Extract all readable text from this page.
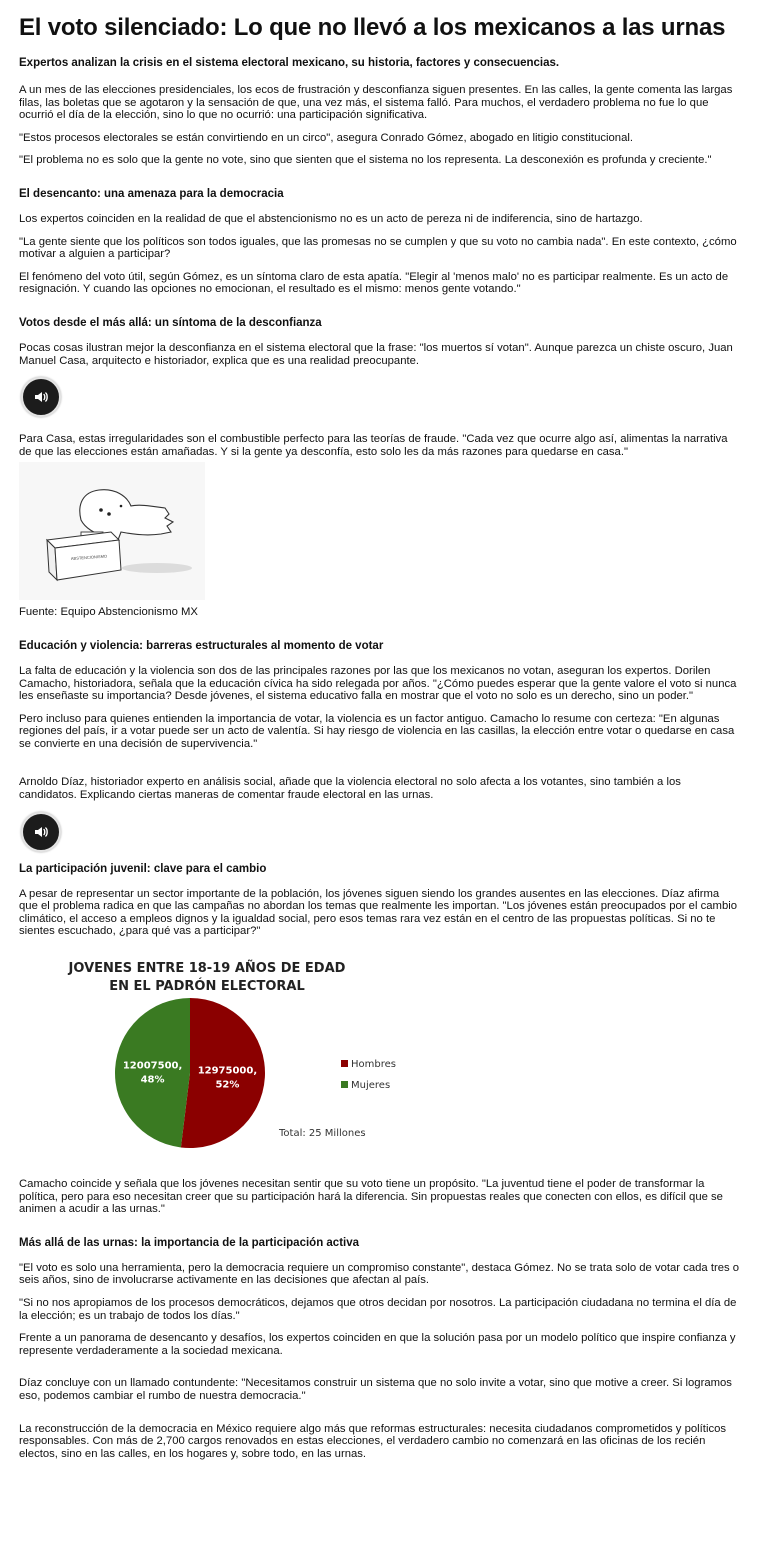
El voto silenciado: Lo que no llevó a los mexicanos a las urnas
Expertos analizan la crisis en el sistema electoral mexicano, su historia, factores y consecuencias.

A un mes de las elecciones presidenciales, los ecos de frustración y desconfianza siguen presentes. En las calles, la gente comenta las largas filas, las boletas que se agotaron y la sensación de que, una vez más, el sistema falló. Para muchos, el verdadero problema no fue lo que ocurrió el día de la elección, sino lo que no ocurrió: una participación significativa.

"Estos procesos electorales se están convirtiendo en un circo", asegura Conrado Gómez, abogado en litigio constitucional.

"El problema no es solo que la gente no vote, sino que sienten que el sistema no los representa. La desconexión es profunda y creciente."

El desencanto: una amenaza para la democracia

Los expertos coinciden en la realidad de que el abstencionismo no es un acto de pereza ni de indiferencia, sino de hartazgo.

"La gente siente que los políticos son todos iguales, que las promesas no se cumplen y que su voto no cambia nada". En este contexto, ¿cómo motivar a alguien a participar?

El fenómeno del voto útil, según Gómez, es un síntoma claro de esta apatía. "Elegir al 'menos malo' no es participar realmente. Es un acto de resignación. Y cuando las opciones no emocionan, el resultado es el mismo: menos gente votando."

Votos desde el más allá: un síntoma de la desconfianza

Pocas cosas ilustran mejor la desconfianza en el sistema electoral que la frase: "los muertos sí votan". Aunque parezca un chiste oscuro, Juan Manuel Casa, arquitecto e historiador, explica que es una realidad preocupante.

Para Casa, estas irregularidades son el combustible perfecto para las teorías de fraude. "Cada vez que ocurre algo así, alimentas la narrativa de que las elecciones están amañadas. Y si la gente ya desconfía, esto solo les da más razones para quedarse en casa."

ABSTENCIONISMO

Fuente: Equipo Abstencionismo MX

Educación y violencia: barreras estructurales al momento de votar

La falta de educación y la violencia son dos de las principales razones por las que los mexicanos no votan, aseguran los expertos. Dorilen Camacho, historiadora, señala que la educación cívica ha sido relegada por años. "¿Cómo puedes esperar que la gente valore el voto si nunca les enseñaste su importancia? Desde jóvenes, el sistema educativo falla en mostrar que el voto no solo es un derecho, sino un poder."

Pero incluso para quienes entienden la importancia de votar, la violencia es un factor antiguo. Camacho lo resume con certeza: "En algunas regiones del país, ir a votar puede ser un acto de valentía. Si hay riesgo de violencia en las casillas, la elección entre votar o quedarse en casa se convierte en una decisión de supervivencia."

Arnoldo Díaz, historiador experto en análisis social, añade que la violencia electoral no solo afecta a los votantes, sino también a los candidatos. Explicando ciertas maneras de comentar fraude electoral en las urnas.

La participación juvenil: clave para el cambio

A pesar de representar un sector importante de la población, los jóvenes siguen siendo los grandes ausentes en las elecciones. Díaz afirma que el problema radica en que las campañas no abordan los temas que realmente les importan. "Los jóvenes están preocupados por el cambio climático, el acceso a empleos dignos y la igualdad social, pero esos temas rara vez están en el centro de las propuestas políticas. Si no te sientes escuchado, ¿para qué vas a participar?"

JOVENES ENTRE 18-19 AÑOS DE EDAD
EN EL PADRÓN ELECTORAL
12975000,
52%
12007500,
48%
Hombres
Mujeres
Total: 25 Millones

Camacho coincide y señala que los jóvenes necesitan sentir que su voto tiene un propósito. "La juventud tiene el poder de transformar la política, pero para eso necesitan creer que su participación hará la diferencia. Sin propuestas reales que conecten con ellos, es difícil que se animen a acudir a las urnas."

Más allá de las urnas: la importancia de la participación activa

"El voto es solo una herramienta, pero la democracia requiere un compromiso constante", destaca Gómez. No se trata solo de votar cada tres o seis años, sino de involucrarse activamente en las decisiones que afectan al país.

"Si no nos apropiamos de los procesos democráticos, dejamos que otros decidan por nosotros. La participación ciudadana no termina el día de la elección; es un trabajo de todos los días."

Frente a un panorama de desencanto y desafíos, los expertos coinciden en que la solución pasa por un modelo político que inspire confianza y represente verdaderamente a la sociedad mexicana.

Díaz concluye con un llamado contundente: "Necesitamos construir un sistema que no solo invite a votar, sino que motive a creer. Si logramos eso, podemos cambiar el rumbo de nuestra democracia."

La reconstrucción de la democracia en México requiere algo más que reformas estructurales: necesita ciudadanos comprometidos y políticos responsables. Con más de 2,700 cargos renovados en estas elecciones, el verdadero cambio no comenzará en las oficinas de los recién electos, sino en las calles, en los hogares y, sobre todo, en las urnas.
